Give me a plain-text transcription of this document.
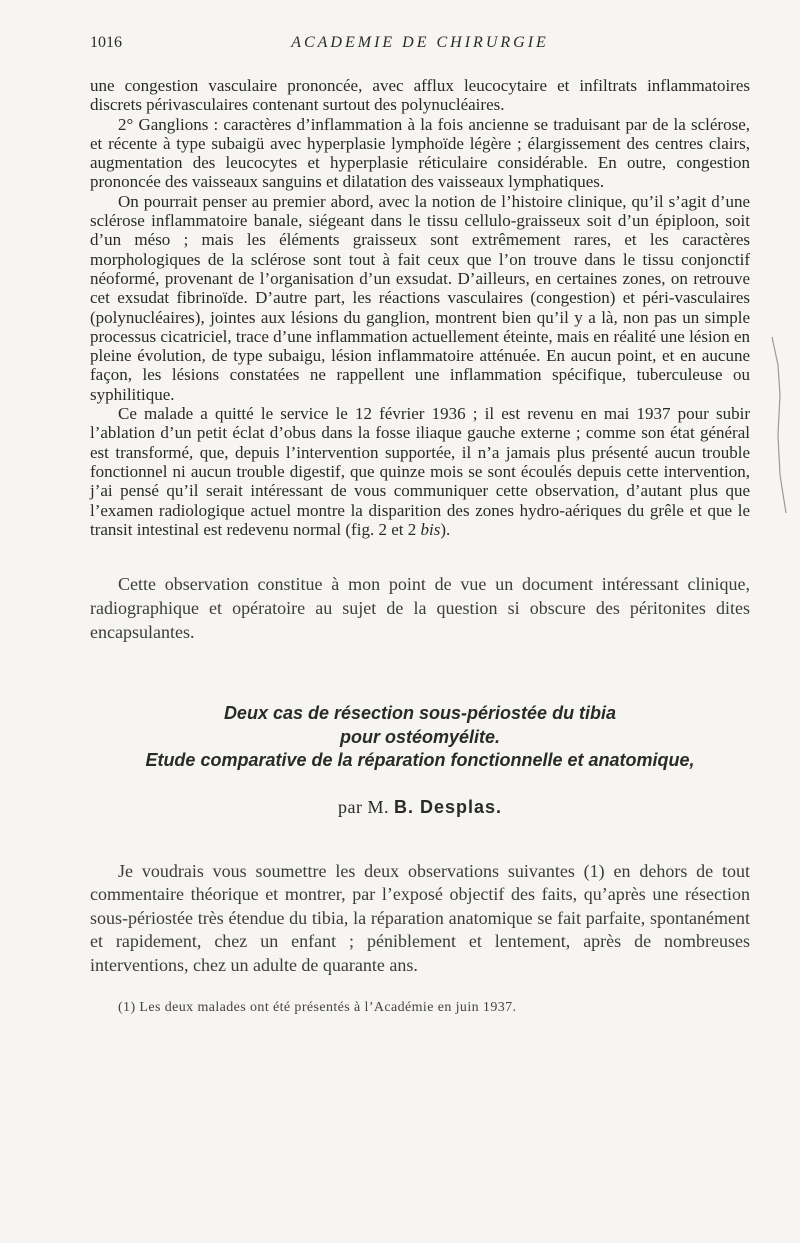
1016	ACADEMIE DE CHIRURGIE

une congestion vasculaire prononcée, avec afflux leucocytaire et infiltrats inflammatoires discrets périvasculaires contenant surtout des polynucléaires.

2° Ganglions : caractères d’inflammation à la fois ancienne se traduisant par de la sclérose, et récente à type subaigü avec hyperplasie lymphoïde légère ; élargissement des centres clairs, augmentation des leucocytes et hyperplasie réticulaire considérable. En outre, congestion prononcée des vaisseaux sanguins et dilatation des vaisseaux lymphatiques.

On pourrait penser au premier abord, avec la notion de l’histoire clinique, qu’il s’agit d’une sclérose inflammatoire banale, siégeant dans le tissu cellulo-graisseux soit d’un épiploon, soit d’un méso ; mais les éléments graisseux sont extrêmement rares, et les caractères morphologiques de la sclérose sont tout à fait ceux que l’on trouve dans le tissu conjonctif néoformé, provenant de l’organisation d’un exsudat. D’ailleurs, en certaines zones, on retrouve cet exsudat fibrinoïde. D’autre part, les réactions vasculaires (congestion) et péri-vasculaires (polynucléaires), jointes aux lésions du ganglion, montrent bien qu’il y a là, non pas un simple processus cicatriciel, trace d’une inflammation actuellement éteinte, mais en réalité une lésion en pleine évolution, de type subaigu, lésion inflammatoire atténuée. En aucun point, et en aucune façon, les lésions constatées ne rappellent une inflammation spécifique, tuberculeuse ou syphilitique.

Ce malade a quitté le service le 12 février 1936 ; il est revenu en mai 1937 pour subir l’ablation d’un petit éclat d’obus dans la fosse iliaque gauche externe ; comme son état général est transformé, que, depuis l’intervention supportée, il n’a jamais plus présenté aucun trouble fonctionnel ni aucun trouble digestif, que quinze mois se sont écoulés depuis cette intervention, j’ai pensé qu’il serait intéressant de vous communiquer cette observation, d’autant plus que l’examen radiologique actuel montre la disparition des zones hydro-aériques du grêle et que le transit intestinal est redevenu normal (fig. 2 et 2 bis).

Cette observation constitue à mon point de vue un document intéressant clinique, radiographique et opératoire au sujet de la question si obscure des péritonites dites encapsulantes.

Deux cas de résection sous-périostée du tibia
pour ostéomyélite.
Etude comparative de la réparation fonctionnelle et anatomique,
par M. B. Desplas.

Je voudrais vous soumettre les deux observations suivantes (1) en dehors de tout commentaire théorique et montrer, par l’exposé objectif des faits, qu’après une résection sous-périostée très étendue du tibia, la réparation anatomique se fait parfaite, spontanément et rapidement, chez un enfant ; péniblement et lentement, après de nombreuses interventions, chez un adulte de quarante ans.

(1) Les deux malades ont été présentés à l’Académie en juin 1937.
